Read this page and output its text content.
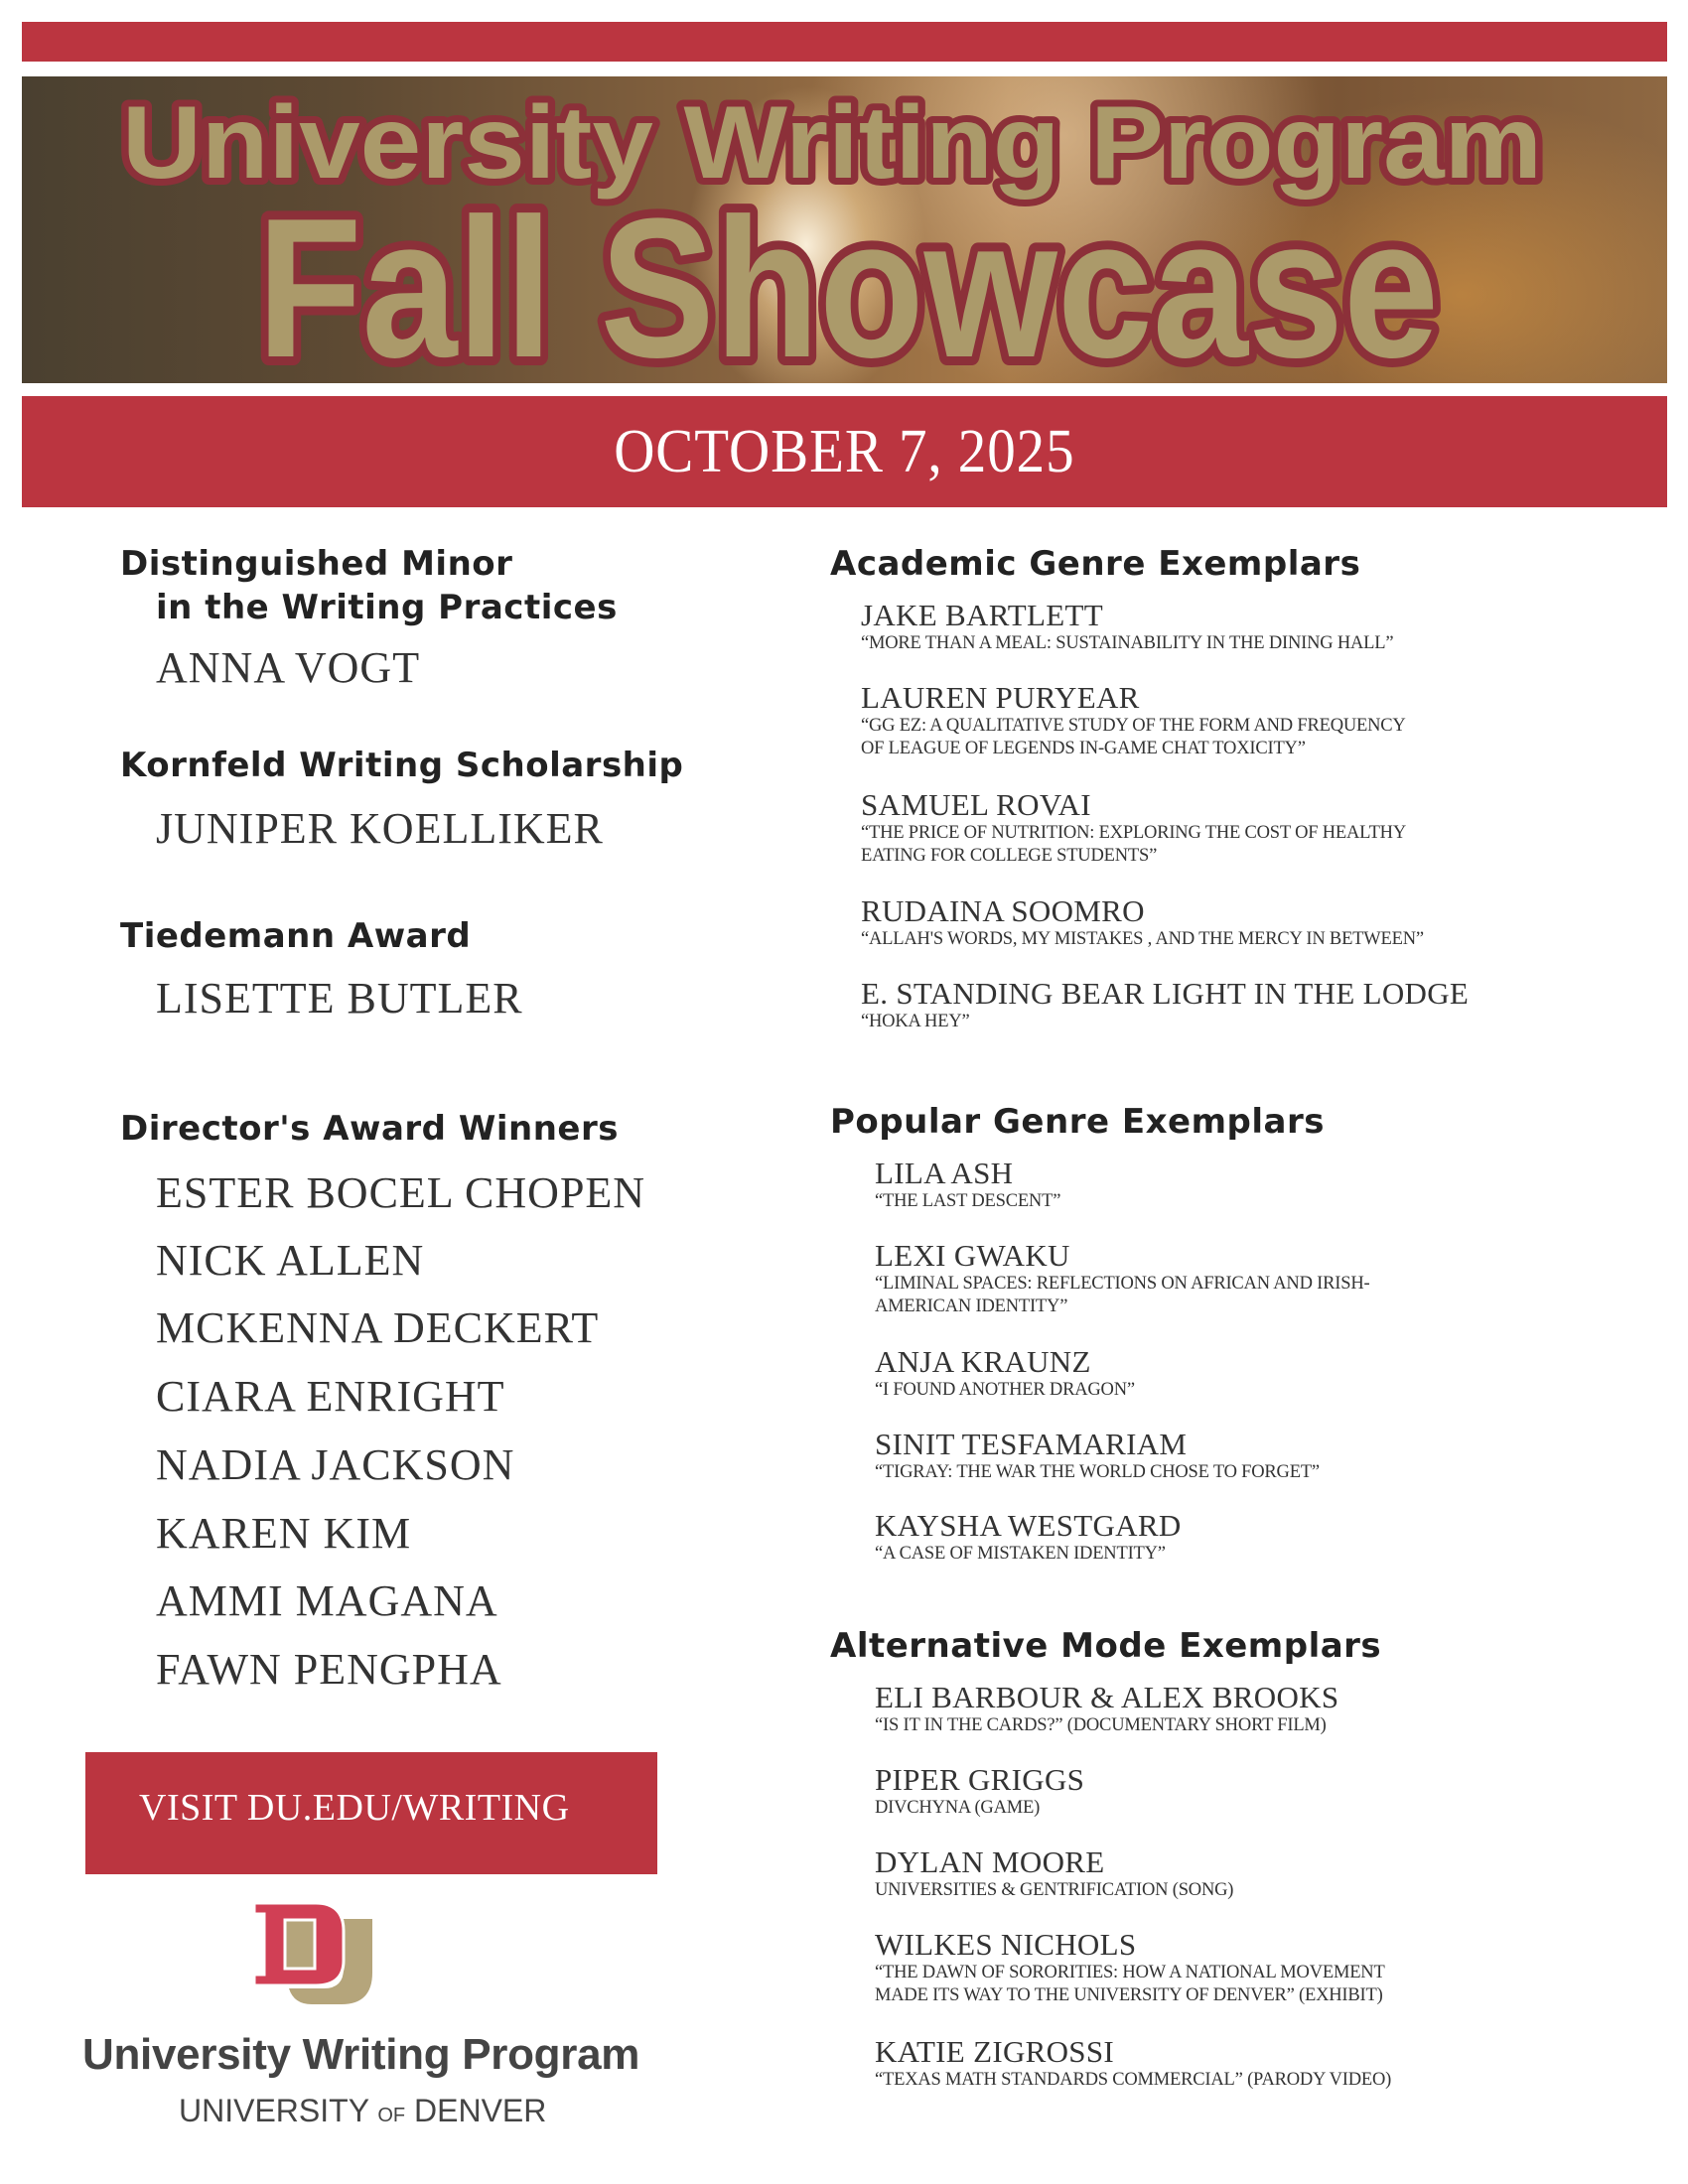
University Writing Program
Fall Showcase
OCTOBER 7, 2025
Distinguished Minor
in the Writing Practices
ANNA VOGT
Kornfeld Writing Scholarship
JUNIPER KOELLIKER
Tiedemann Award
LISETTE BUTLER
Director's Award Winners
ESTER BOCEL CHOPEN
NICK ALLEN
MCKENNA DECKERT
CIARA ENRIGHT
NADIA JACKSON
KAREN KIM
AMMI MAGANA
FAWN PENGPHA
VISIT DU.EDU/WRITING
University Writing Program
UNIVERSITY OF DENVER
Academic Genre Exemplars
JAKE BARTLETT
“MORE THAN A MEAL: SUSTAINABILITY IN THE DINING HALL”
LAUREN PURYEAR
“GG EZ: A QUALITATIVE STUDY OF THE FORM AND FREQUENCY
OF LEAGUE OF LEGENDS IN-GAME CHAT TOXICITY”
SAMUEL ROVAI
“THE PRICE OF NUTRITION: EXPLORING THE COST OF HEALTHY
EATING FOR COLLEGE STUDENTS”
RUDAINA SOOMRO
“ALLAH'S WORDS, MY MISTAKES , AND THE MERCY IN BETWEEN”
E. STANDING BEAR LIGHT IN THE LODGE
“HOKA HEY”
Popular Genre Exemplars
LILA ASH
“THE LAST DESCENT”
LEXI GWAKU
“LIMINAL SPACES: REFLECTIONS ON AFRICAN AND IRISH-
AMERICAN IDENTITY”
ANJA KRAUNZ
“I FOUND ANOTHER DRAGON”
SINIT TESFAMARIAM
“TIGRAY: THE WAR THE WORLD CHOSE TO FORGET”
KAYSHA WESTGARD
“A CASE OF MISTAKEN IDENTITY”
Alternative Mode Exemplars
ELI BARBOUR & ALEX BROOKS
“IS IT IN THE CARDS?” (DOCUMENTARY SHORT FILM)
PIPER GRIGGS
DIVCHYNA (GAME)
DYLAN MOORE
UNIVERSITIES & GENTRIFICATION (SONG)
WILKES NICHOLS
“THE DAWN OF SORORITIES: HOW A NATIONAL MOVEMENT
MADE ITS WAY TO THE UNIVERSITY OF DENVER” (EXHIBIT)
KATIE ZIGROSSI
“TEXAS MATH STANDARDS COMMERCIAL” (PARODY VIDEO)
